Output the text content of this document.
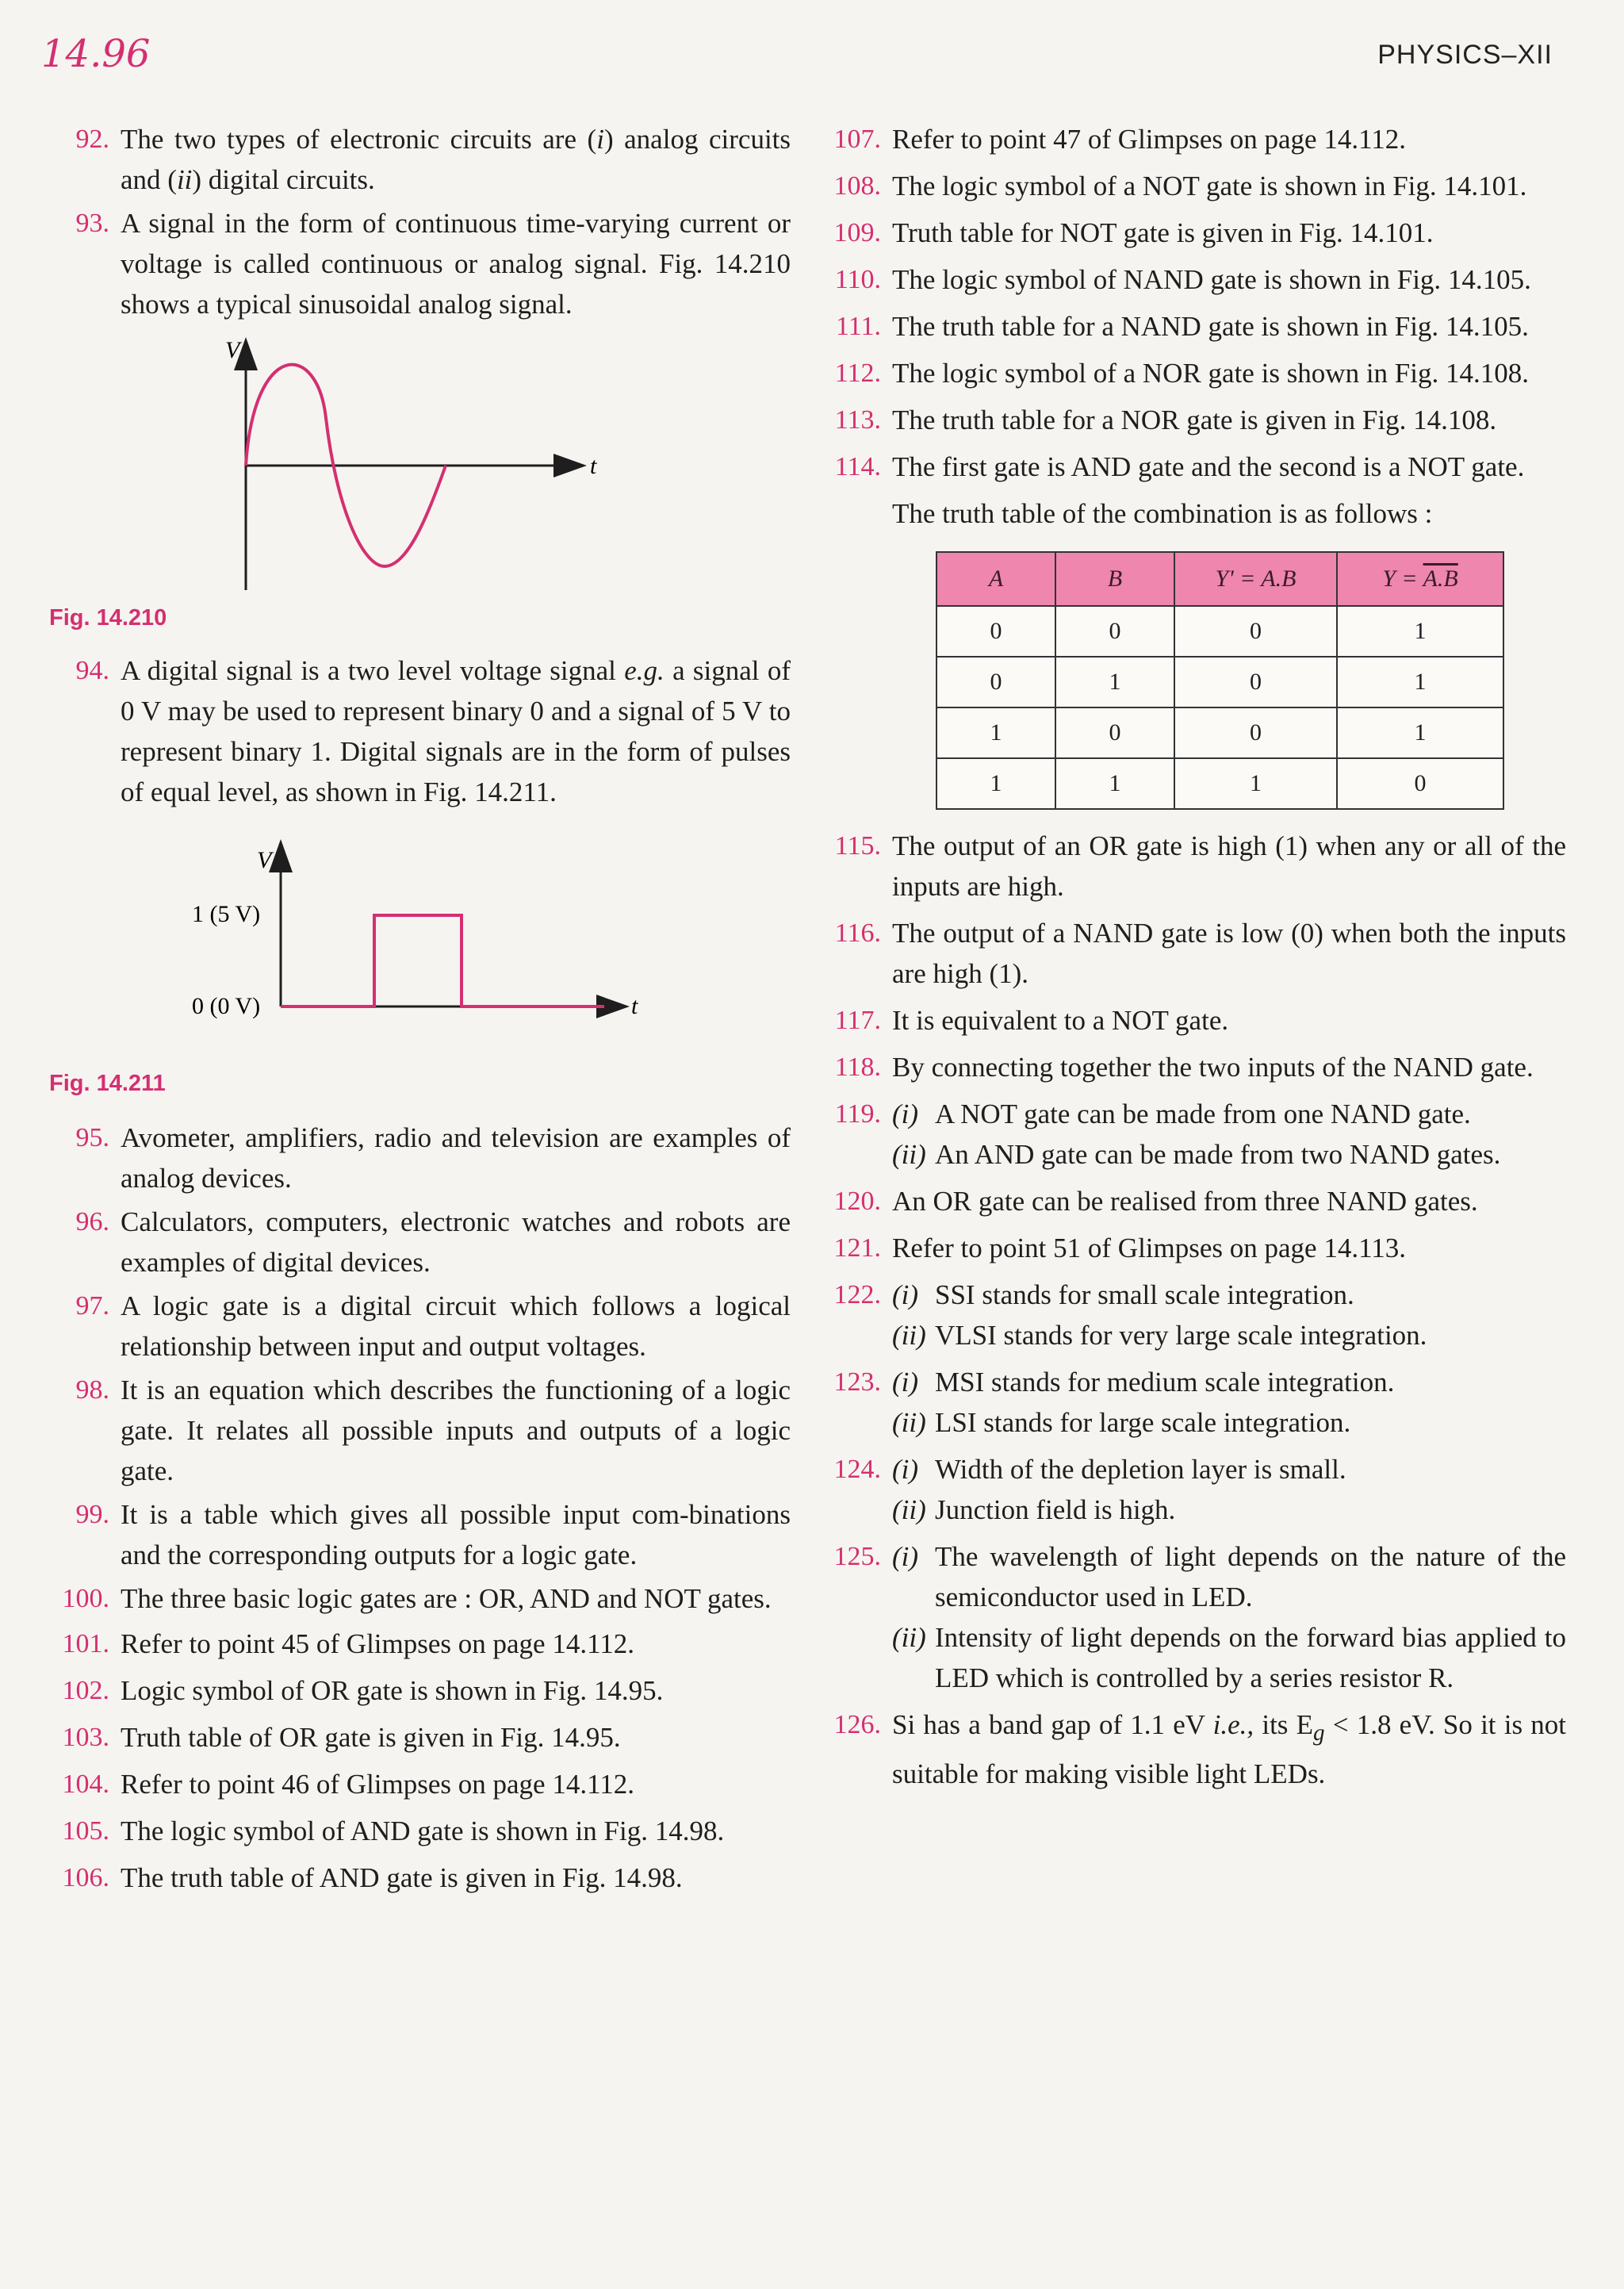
14.96	PHYSICS–XII
92. The two types of electronic circuits are (i) analog circuits and (ii) digital circuits.

93. A signal in the form of continuous time-varying current or voltage is called continuous or analog signal. Fig. 14.210 shows a typical sinusoidal analog signal.

V
t

Fig. 14.210

94. A digital signal is a two level voltage signal e.g. a signal of 0 V may be used to represent binary 0 and a signal of 5 V to represent binary 1. Digital signals are in the form of pulses of equal level, as shown in Fig. 14.211.

V
t
1 (5 V)
0 (0 V)

Fig. 14.211

95. Avometer, amplifiers, radio and television are examples of analog devices.

96. Calculators, computers, electronic watches and robots are examples of digital devices.

97. A logic gate is a digital circuit which follows a logical relationship between input and output voltages.

98. It is an equation which describes the functioning of a logic gate. It relates all possible inputs and outputs of a logic gate.

99. It is a table which gives all possible input com-binations and the corresponding outputs for a logic gate.

100. The three basic logic gates are : OR, AND and NOT gates.

101. Refer to point 45 of Glimpses on page 14.112.

102. Logic symbol of OR gate is shown in Fig. 14.95.

103. Truth table of OR gate is given in Fig. 14.95.

104. Refer to point 46 of Glimpses on page 14.112.

105. The logic symbol of AND gate is shown in Fig. 14.98.

106. The truth table of AND gate is given in Fig. 14.98.

107. Refer to point 47 of Glimpses on page 14.112.

108. The logic symbol of a NOT gate is shown in Fig. 14.101.

109. Truth table for NOT gate is given in Fig. 14.101.

110. The logic symbol of NAND gate is shown in Fig. 14.105.

111. The truth table for a NAND gate is shown in Fig. 14.105.

112. The logic symbol of a NOR gate is shown in Fig. 14.108.

113. The truth table for a NOR gate is given in Fig. 14.108.

114. The first gate is AND gate and the second is a NOT gate.
The truth table of the combination is as follows :
A	B	Y' = A.B	Y = A.B
0	0	0	1
0	1	0	1
1	0	0	1
1	1	1	0
115. The output of an OR gate is high (1) when any or all of the inputs are high.

116. The output of a NAND gate is low (0) when both the inputs are high (1).

117. It is equivalent to a NOT gate.

118. By connecting together the two inputs of the NAND gate.

119. (i) A NOT gate can be made from one NAND gate.
(ii) An AND gate can be made from two NAND gates.
120. An OR gate can be realised from three NAND gates.

121. Refer to point 51 of Glimpses on page 14.113.

122. (i) SSI stands for small scale integration.
(ii) VLSI stands for very large scale integration.
123. (i) MSI stands for medium scale integration.
(ii) LSI stands for large scale integration.
124. (i) Width of the depletion layer is small.
(ii) Junction field is high.
125. (i) The wavelength of light depends on the nature of the semiconductor used in LED.
(ii) Intensity of light depends on the forward bias applied to LED which is controlled by a series resistor R.
126. Si has a band gap of 1.1 eV i.e., its $E_g < 1.8$ eV. So it is not suitable for making visible light LEDs.
